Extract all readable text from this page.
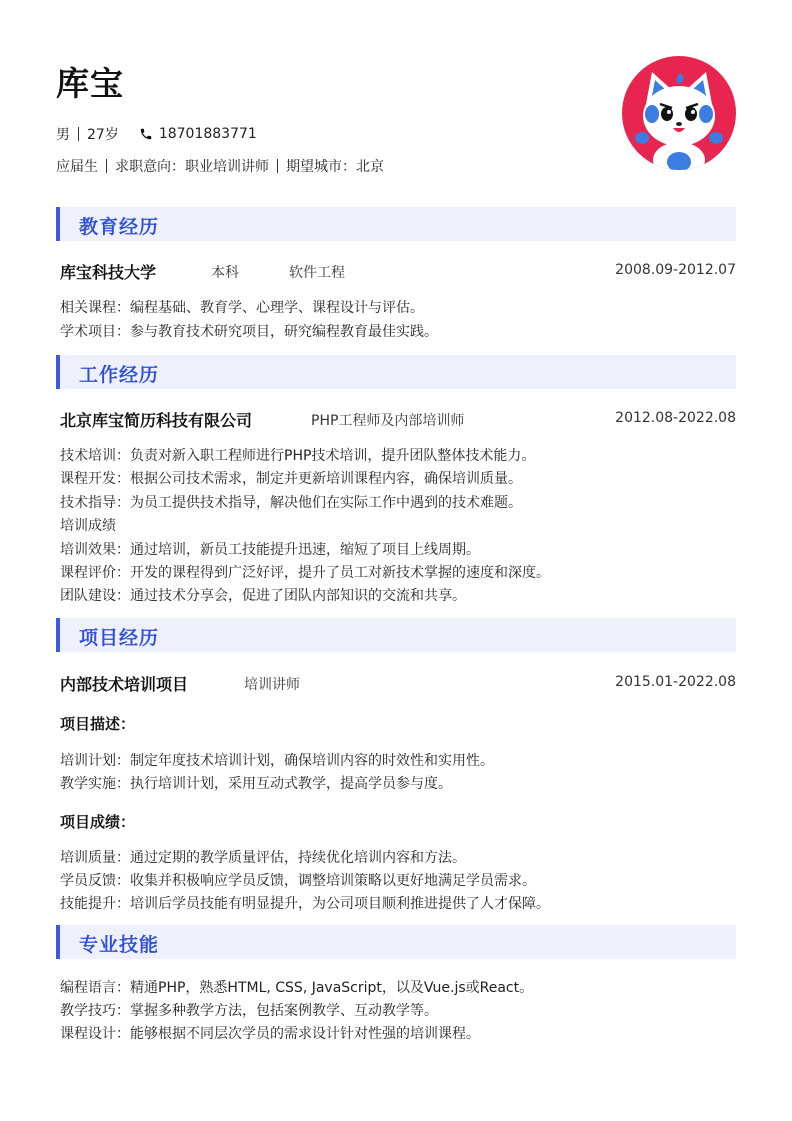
库宝
男 27岁	18701883771
应届生 求职意向：职业培训讲师 期望城市：北京
教育经历
库宝科技大学	本科	软件工程	2008.09-2012.07
相关课程：编程基础、教育学、心理学、课程设计与评估。
学术项目：参与教育技术研究项目，研究编程教育最佳实践。
工作经历
北京库宝简历科技有限公司	PHP工程师及内部培训师	2012.08-2022.08
技术培训：负责对新入职工程师进行PHP技术培训，提升团队整体技术能力。
课程开发：根据公司技术需求，制定并更新培训课程内容，确保培训质量。
技术指导：为员工提供技术指导，解决他们在实际工作中遇到的技术难题。
培训成绩
培训效果：通过培训，新员工技能提升迅速，缩短了项目上线周期。
课程评价：开发的课程得到广泛好评，提升了员工对新技术掌握的速度和深度。
团队建设：通过技术分享会，促进了团队内部知识的交流和共享。
项目经历
内部技术培训项目	培训讲师	2015.01-2022.08
项目描述：
培训计划：制定年度技术培训计划，确保培训内容的时效性和实用性。
教学实施：执行培训计划，采用互动式教学，提高学员参与度。
项目成绩：
培训质量：通过定期的教学质量评估，持续优化培训内容和方法。
学员反馈：收集并积极响应学员反馈，调整培训策略以更好地满足学员需求。
技能提升：培训后学员技能有明显提升，为公司项目顺利推进提供了人才保障。
专业技能
编程语言：精通PHP，熟悉HTML, CSS, JavaScript，以及Vue.js或React。
教学技巧：掌握多种教学方法，包括案例教学、互动教学等。
课程设计：能够根据不同层次学员的需求设计针对性强的培训课程。
